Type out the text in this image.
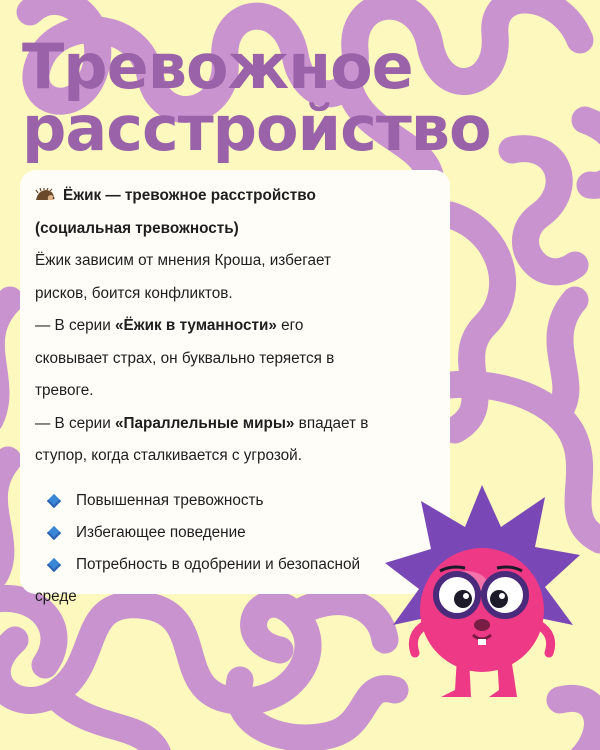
Тревожное
расстройство
Ёжик — тревожное расстройство
(социальная тревожность)
Ёжик зависим от мнения Кроша, избегает
рисков, боится конфликтов.
— В серии «Ёжик в туманности» его
сковывает страх, он буквально теряется в
тревоге.
— В серии «Параллельные миры» впадает в
ступор, когда сталкивается с угрозой.
Повышенная тревожность
Избегающее поведение
Потребность в одобрении и безопасной
среде
